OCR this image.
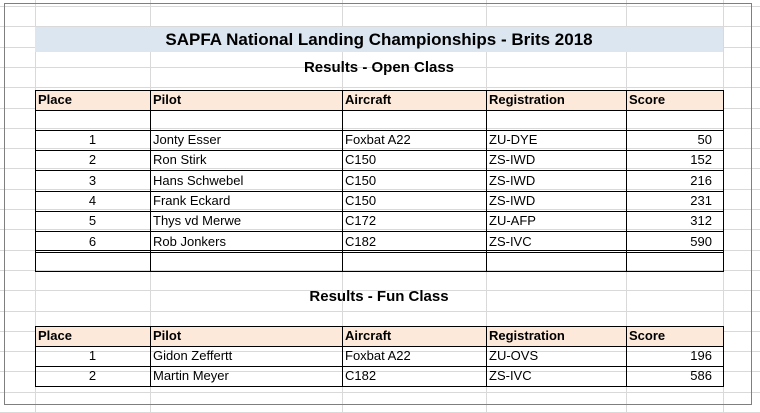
SAPFA National Landing Championships - Brits 2018
Results - Open Class
Place	Pilot	Aircraft	Registration	Score
1	Jonty Esser	Foxbat A22	ZU-DYE	50
2	Ron Stirk	C150	ZS-IWD	152
3	Hans Schwebel	C150	ZS-IWD	216
4	Frank Eckard	C150	ZS-IWD	231
5	Thys vd Merwe	C172	ZU-AFP	312
6	Rob Jonkers	C182	ZS-IVC	590
Results - Fun Class
Place	Pilot	Aircraft	Registration	Score
1	Gidon Zeffertt	Foxbat A22	ZU-OVS	196
2	Martin Meyer	C182	ZS-IVC	586
